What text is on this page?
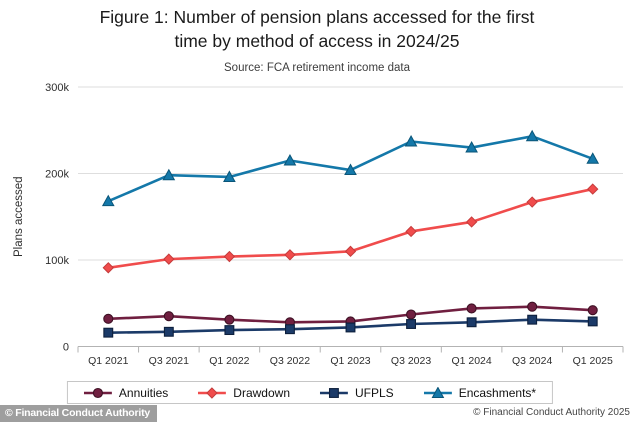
0
100k
200k
300k
Q1 2021 Q3 2021 Q1 2022 Q3 2022 Q1 2023 Q3 2023 Q1 2024 Q3 2024 Q1 2025
Plans accessed
Figure 1: Number of pension plans accessed for the first time by method of access in 2024/25
Source: FCA retirement income data
Annuities	Drawdown	UFPLS	Encashments*
© Financial Conduct Authority	© Financial Conduct Authority 2025
